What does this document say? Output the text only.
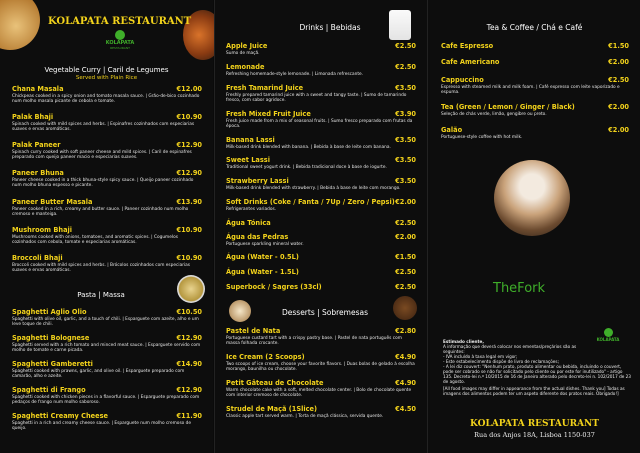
KOLAPATA RESTAURANT
KOLAPATA
RESTAURANT
Vegetable Curry | Caril de Legumes
Served with Plain Rice
Chana Masala	€12.00
Chickpeas cooked in a spicy onion and tomato masala sauce. | Grão-de-bico cozinhado num molho masala picante de cebola e tomate.
Palak Bhaji	€10.90
Spinach cooked with mild spices and herbs. | Espinafres cozinhados com especiarias suaves e ervas aromáticas.
Palak Paneer	€12.90
Spinach curry cooked with soft paneer cheese and mild spices. | Caril de espinafres preparado com queijo paneer macio e especiarias suaves.
Paneer Bhuna	€12.90
Paneer cheese cooked in a thick bhuna-style spicy sauce. | Queijo paneer cozinhado num molho bhuna espesso e picante.
Paneer Butter Masala	€13.90
Paneer cooked in a rich, creamy and butter sauce. | Paneer cozinhado num molho cremoso e manteiga.
Mushroom Bhaji	€10.90
Mushrooms cooked with onions, tomatoes, and aromatic spices. | Cogumelos cozinhados com cebola, tomate e especiarias aromáticas.
Broccoli Bhaji	€10.90
Broccoli cooked with mild spices and herbs. | Brócolos cozinhados com especiarias suaves e ervas aromáticas.
Pasta | Massa
Spaghetti Aglio Olio	€10.50
Spaghetti with olive oil, garlic, and a touch of chili. | Esparguete com azeite, alho e um leve toque de chili.
Spaghetti Bolognese	€12.90
Spaghetti served with a rich tomato and minced meat sauce. | Esparguete servido com molho de tomate e carne picada.
Spaghetti Gamberetti	€14.90
Spaghetti cooked with prawns, garlic, and olive oil. | Esparguete preparado com camarão, alho e azeite.
Spaghetti di Frango	€12.90
Spaghetti cooked with chicken pieces in a flavorful sauce. | Esparguete preparado com pedaços de frango num molho saboroso.
Spaghetti Creamy Cheese	€11.90
Spaghetti in a rich and creamy cheese sauce. | Esparguete num molho cremoso de queijo.
Drinks | Bebidas
Apple Juice	€2.50
Sumo de maçã.
Lemonade	€2.50
Refreshing homemade-style lemonade. | Limonada refrescante.
Fresh Tamarind Juice	€3.50
Freshly prepared tamarind juice with a sweet and tangy taste. | Sumo de tamarindo fresco, com sabor agridoce.
Fresh Mixed Fruit Juice	€3.90
Fresh juice made from a mix of seasonal fruits. | Sumo fresco preparado com frutas da época.
Banana Lassi	€3.50
Milk-based drink blended with banana. | Bebida à base de leite com banana.
Sweet Lassi	€3.50
Traditional sweet yogurt drink. | Bebida tradicional doce à base de iogurte.
Strawberry Lassi	€3.50
Milk-based drink blended with strawberry. | Bebida à base de leite com morango.
Soft Drinks (Coke / Fanta / 7Up / Zero / Pepsi) €2.00
Refrigerantes variados.
Água Tónica	€2.50
Água das Pedras	€2.00
Portuguese sparkling mineral water.
Água (Water - 0.5L)	€1.50
Água (Water - 1.5L)	€2.50
Superbock / Sagres (33cl)	€2.50
Desserts | Sobremesas
Pastel de Nata	€2.80
Portuguese custard tart with a crispy pastry base. | Pastel de nata português com massa folhada crocante.
Ice Cream (2 Scoops)	€4.90
Two scoops of ice cream, choose your favorite flavors. | Duas bolas de gelado à escolha morango, baunilha ou chocolate.
Petit Gâteau de Chocolate	€4.90
Warm chocolate cake with a soft, melted chocolate center. | Bolo de chocolate quente com interior cremoso de chocolate.
Strudel de Maçã (1Slice)	€4.50
Classic apple tart served warm. | Torta de maçã clássica, servida quente.
Tea & Coffee / Chá e Café
Cafe Espresso	€1.50
Cafe Americano	€2.00
Cappuccino	€2.50
Espresso with steamed milk and milk foam. | Café expresso com leite vaporizado e espuma.
Tea (Green / Lemon / Ginger / Black)	€2.00
Seleção de chás verde, limão, gengibre ou preto.
Galão	€2.00
Portuguese-style coffee with hot milk.
TheFork
Estimado cliente,
A informação que deverá colocar nos ementas/preçários são as seguintes:
- IVA incluído à taxa legal em vigor;
- Este estabelecimento dispõe de livro de reclamações;
- A lei diz couvert: "Nenhum prato, produto alimentar ou bebida, incluindo o couvert, pode ser cobrado se não for solicitado pelo cliente ou por este for inutilizado" - artigo 135. Decreto-lei n.º 10/2015 de 16 de Janeiro alterado pelo decreto-lei n. 102/2017 de 23 de agosto.
[All food images may differ in appearance from the actual dishes. Thank you] Todas as imagens dos alimentos podem ter um aspeto diferente dos pratos reais. Obrigado!]
KOLAPATA
KOLAPATA RESTAURANT
Rua dos Anjos 18A, Lisboa 1150-037
